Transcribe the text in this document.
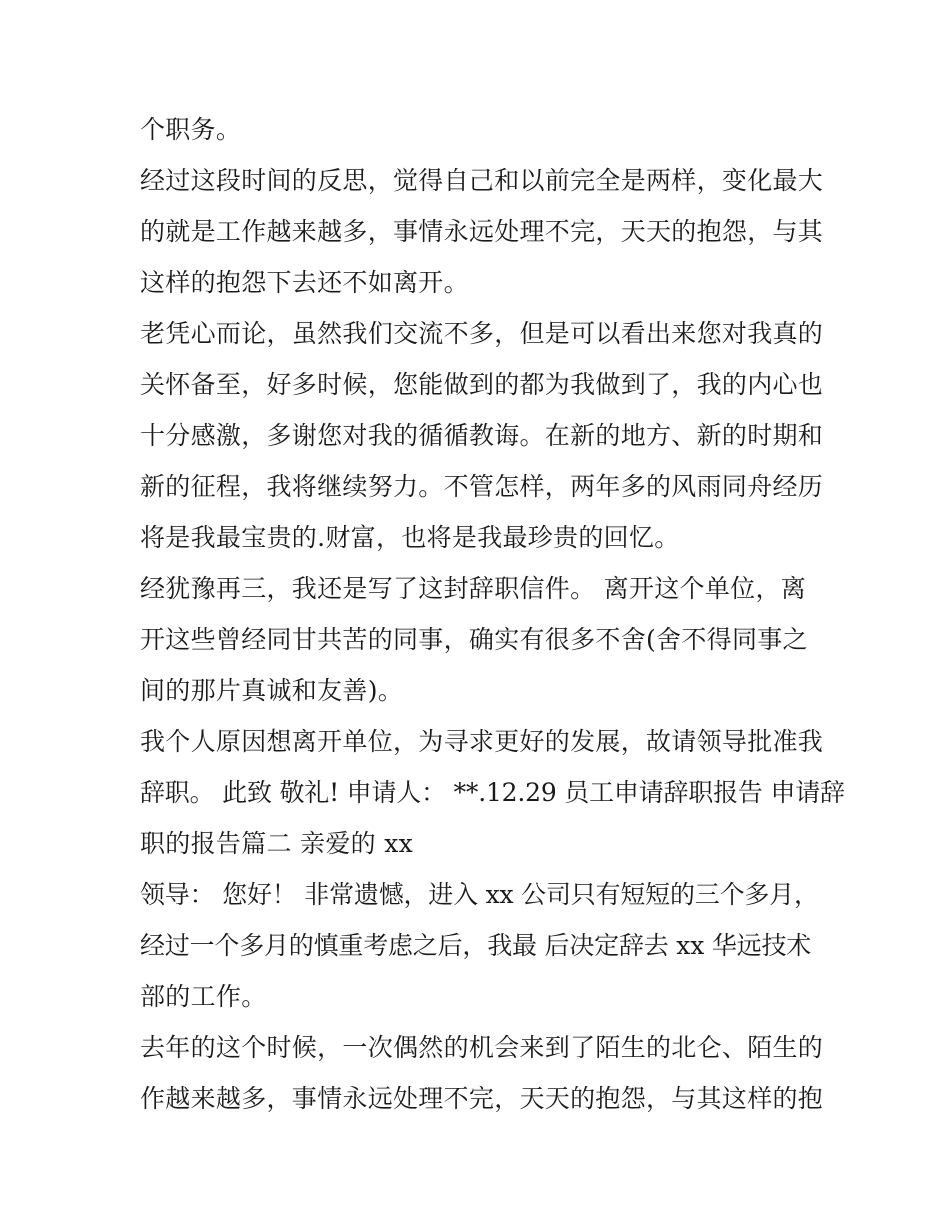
个职务。
经过这段时间的反思，觉得自己和以前完全是两样，变化最大
的就是工作越来越多，事情永远处理不完，天天的抱怨，与其
这样的抱怨下去还不如离开。
老凭心而论，虽然我们交流不多，但是可以看出来您对我真的
关怀备至，好多时候，您能做到的都为我做到了，我的内心也
十分感激，多谢您对我的循循教诲。在新的地方、新的时期和
新的征程，我将继续努力。不管怎样，两年多的风雨同舟经历
将是我最宝贵的.财富，也将是我最珍贵的回忆。
经犹豫再三，我还是写了这封辞职信件。 离开这个单位，离
开这些曾经同甘共苦的同事，确实有很多不舍(舍不得同事之
间的那片真诚和友善)。
我个人原因想离开单位，为寻求更好的发展，故请领导批准我
辞职。 此致 敬礼! 申请人： **.12.29 员工申请辞职报告 申请辞
职的报告篇二 亲爱的 xx
领导： 您好！ 非常遗憾，进入 xx 公司只有短短的三个多月，
经过一个多月的慎重考虑之后，我最 后决定辞去 xx 华远技术
部的工作。
去年的这个时候，一次偶然的机会来到了陌生的北仑、陌生的
作越来越多，事情永远处理不完，天天的抱怨，与其这样的抱
